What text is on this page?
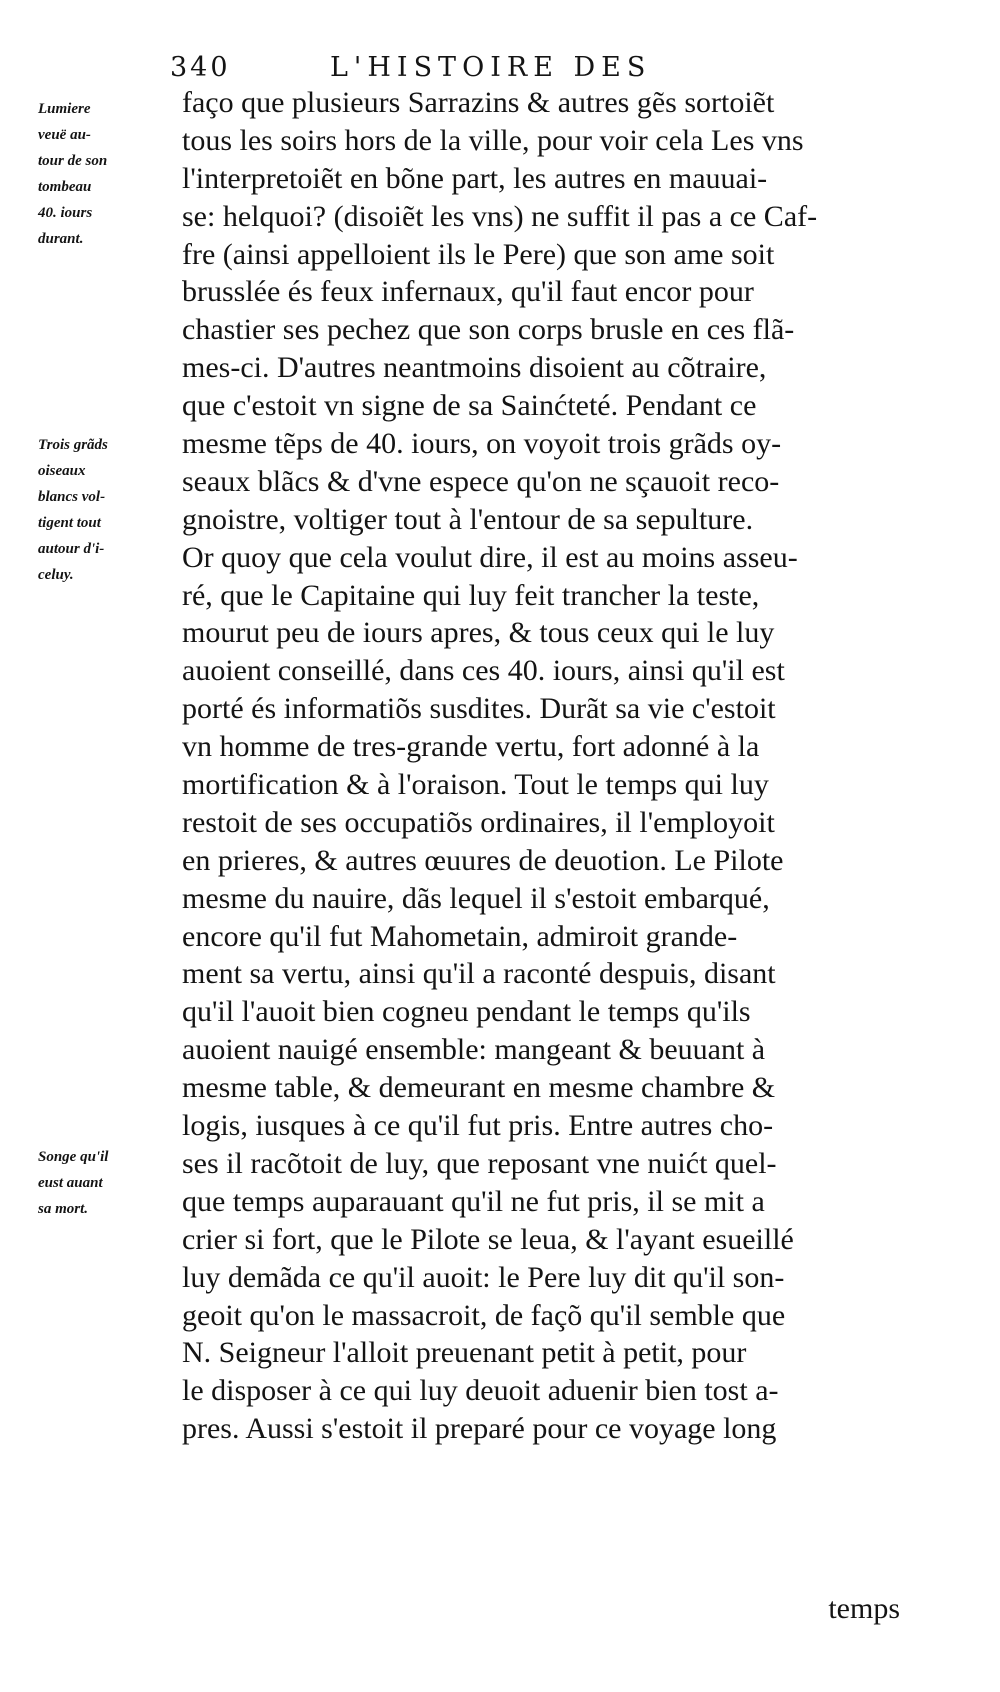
340	L'HISTOIRE DES

Lumiere
veuë au-
tour de son
tombeau
40. iours
durant.

Trois grãds
oiseaux
blancs vol-
tigent tout
autour d'i-
celuy.

Songe qu'il
eust auant
sa mort.

faço que plusieurs Sarrazins & autres gẽs sortoiẽt
tous les soirs hors de la ville, pour voir cela Les vns
l'interpretoiẽt en bõne part, les autres en mauuai-
se: helquoi? (disoiẽt les vns) ne suffit il pas a ce Caf-
fre (ainsi appelloient ils le Pere) que son ame soit
brusslée és feux infernaux, qu'il faut encor pour
chastier ses pechez que son corps brusle en ces flã-
mes-ci. D'autres neantmoins disoient au cõtraire,
que c'estoit vn signe de sa Sainćteté. Pendant ce
mesme tẽps de 40. iours, on voyoit trois grãds oy-
seaux blãcs & d'vne espece qu'on ne sçauoit reco-
gnoistre, voltiger tout à l'entour de sa sepulture.
Or quoy que cela voulut dire, il est au moins asseu-
ré, que le Capitaine qui luy feit trancher la teste,
mourut peu de iours apres, & tous ceux qui le luy
auoient conseillé, dans ces 40. iours, ainsi qu'il est
porté és informatiõs susdites. Durãt sa vie c'estoit
vn homme de tres-grande vertu, fort adonné à la
mortification & à l'oraison. Tout le temps qui luy
restoit de ses occupatiõs ordinaires, il l'employoit
en prieres, & autres œuures de deuotion. Le Pilote
mesme du nauire, dãs lequel il s'estoit embarqué,
encore qu'il fut Mahometain, admiroit grande-
ment sa vertu, ainsi qu'il a raconté despuis, disant
qu'il l'auoit bien cogneu pendant le temps qu'ils
auoient nauigé ensemble: mangeant & beuuant à
mesme table, & demeurant en mesme chambre &
logis, iusques à ce qu'il fut pris. Entre autres cho-
ses il racõtoit de luy, que reposant vne nuićt quel-
que temps auparauant qu'il ne fut pris, il se mit a
crier si fort, que le Pilote se leua, & l'ayant esueillé
luy demãda ce qu'il auoit: le Pere luy dit qu'il son-
geoit qu'on le massacroit, de façõ qu'il semble que
N. Seigneur l'alloit preuenant petit à petit, pour
le disposer à ce qui luy deuoit aduenir bien tost a-
pres. Aussi s'estoit il preparé pour ce voyage long
temps
